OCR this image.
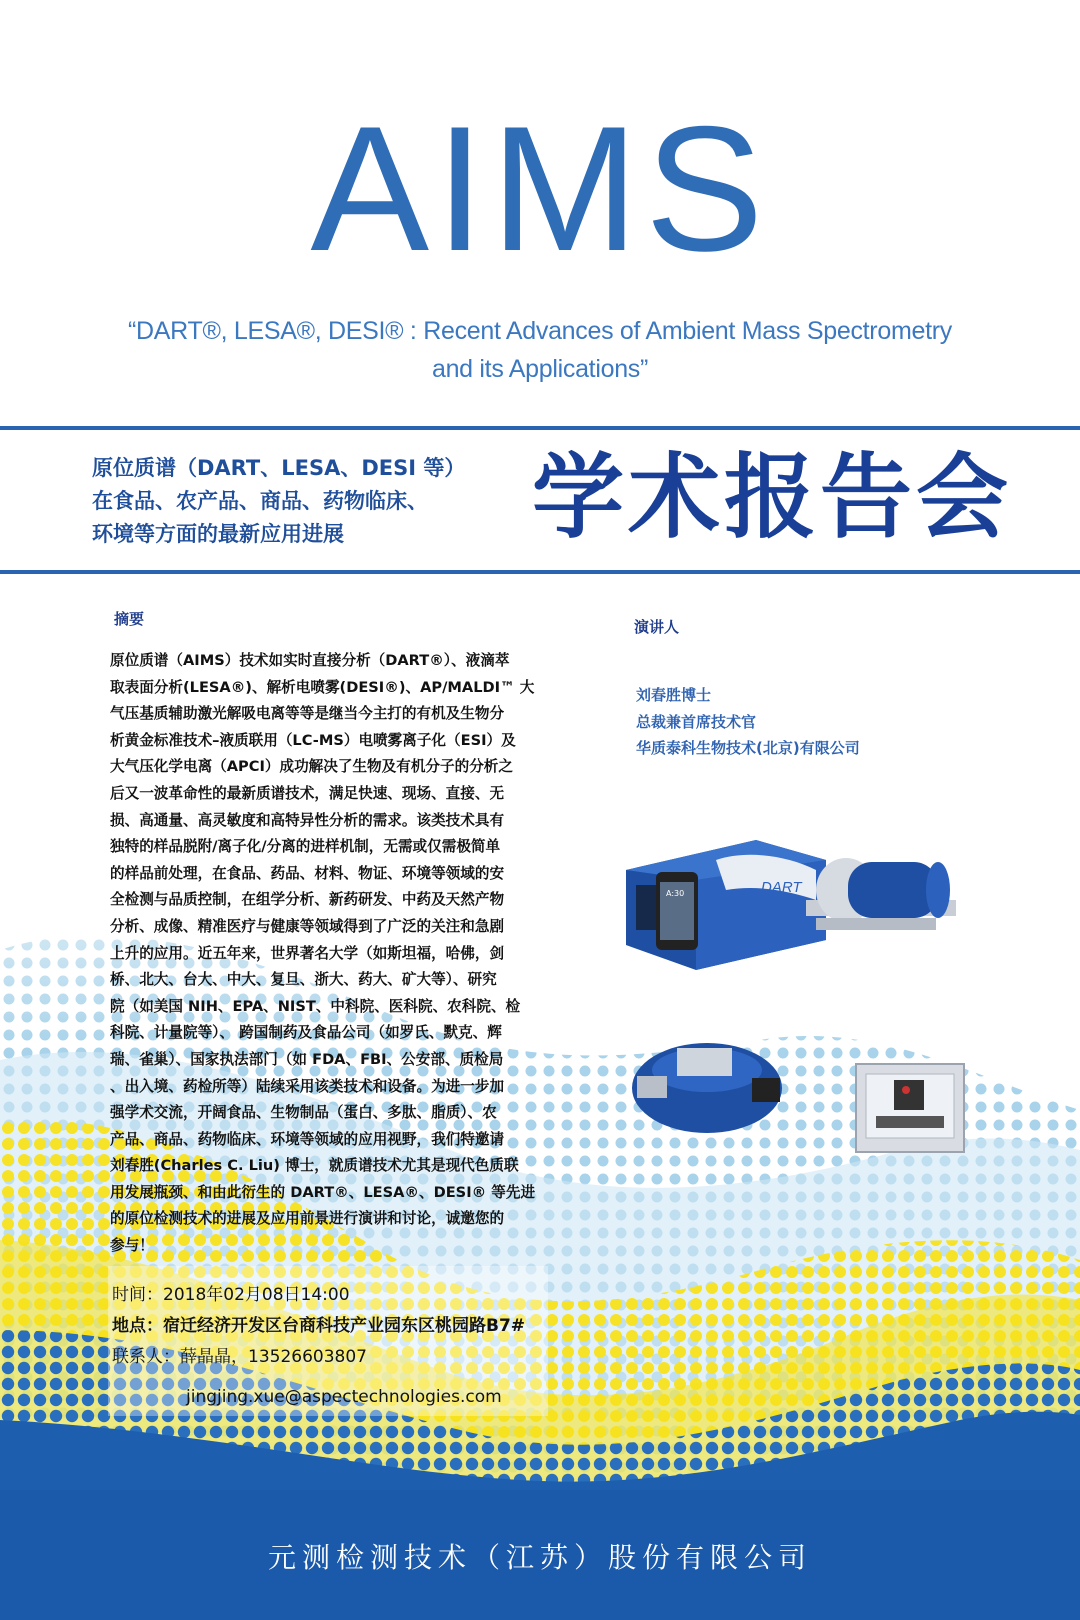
AIMS
“DART®, LESA®, DESI® : Recent Advances of Ambient Mass Spectrometry
and its Applications”
原位质谱（DART、LESA、DESI 等）
在食品、农产品、商品、药物临床、
环境等方面的最新应用进展	学术报告会
摘要
原位质谱（AIMS）技术如实时直接分析（DART®）、液滴萃
取表面分析(LESA®)、解析电喷雾(DESI®)、AP/MALDI™ 大
气压基质辅助激光解吸电离等等是继当今主打的有机及生物分
析黄金标准技术–液质联用（LC-MS）电喷雾离子化（ESI）及
大气压化学电离（APCI）成功解决了生物及有机分子的分析之
后又一波革命性的最新质谱技术，满足快速、现场、直接、无
损、高通量、高灵敏度和高特异性分析的需求。该类技术具有
独特的样品脱附/离子化/分离的进样机制，无需或仅需极简单
的样品前处理，在食品、药品、材料、物证、环境等领域的安
全检测与品质控制，在组学分析、新药研发、中药及天然产物
分析、成像、精准医疗与健康等领域得到了广泛的关注和急剧
上升的应用。近五年来，世界著名大学（如斯坦福，哈佛，剑
桥、北大、台大、中大、复旦、浙大、药大、矿大等）、研究
院（如美国 NIH、EPA、NIST、中科院、医科院、农科院、检
科院、计量院等）、 跨国制药及食品公司（如罗氏、默克、辉
瑞、雀巢）、国家执法部门（如 FDA、FBI、公安部、质检局
、出入境、药检所等）陆续采用该类技术和设备。为进一步加
强学术交流，开阔食品、生物制品（蛋白、多肽、脂质）、农
产品、商品、药物临床、环境等领域的应用视野，我们特邀请
刘春胜(Charles C. Liu) 博士，就质谱技术尤其是现代色质联
用发展瓶颈、和由此衍生的 DART®、LESA®、DESI® 等先进
的原位检测技术的进展及应用前景进行演讲和讨论，诚邀您的
参与！
演讲人
刘春胜博士
总裁兼首席技术官
华质泰科生物技术(北京)有限公司
DART
A:30
时间：2018年02月08日14:00
地点：宿迁经济开发区台商科技产业园东区桃园路B7#
联系人：薛晶晶，13526603807
jingjing.xue@aspectechnologies.com
元测检测技术（江苏）股份有限公司
